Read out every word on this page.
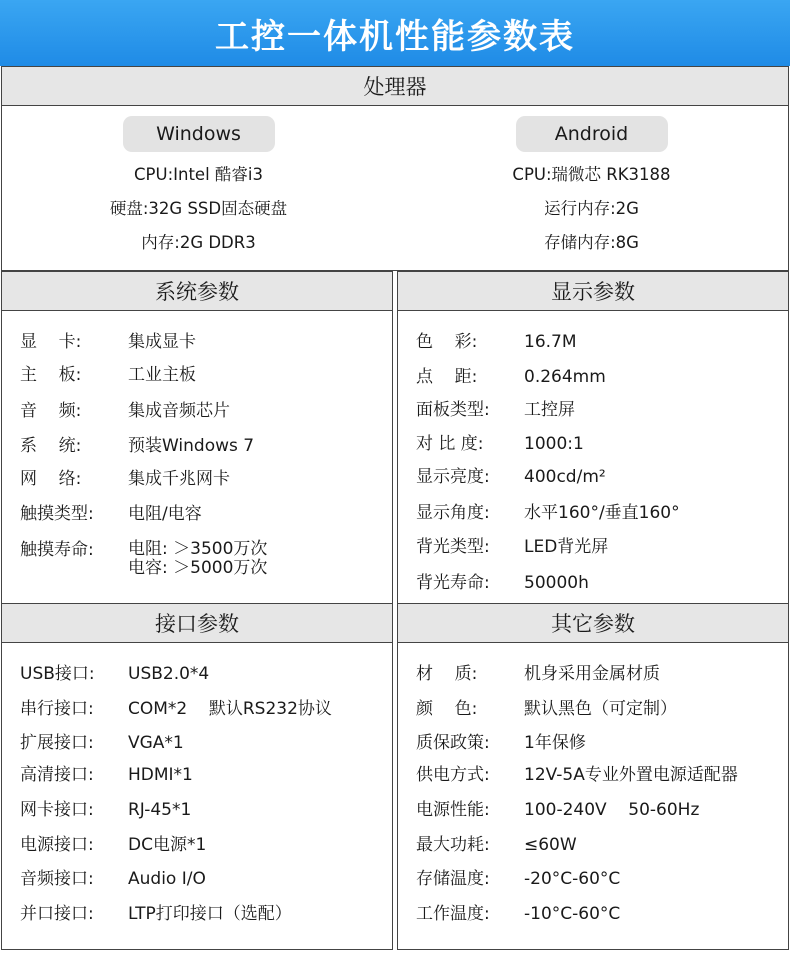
工控一体机性能参数表
处理器
Windows
CPU:Intel 酷睿i3
硬盘:32G SSD固态硬盘
内存:2G DDR3
Android
CPU:瑞微芯 RK3188
运行内存:2G
存储内存:8G
系统参数
显    卡:	集成显卡
主    板:	工业主板
音    频:	集成音频芯片
系    统:	预装Windows 7
网    络:	集成千兆网卡
触摸类型:	电阻/电容
触摸寿命:	电阻: ＞3500万次
电容: ＞5000万次
显示参数
色    彩:	16.7M
点    距:	0.264mm
面板类型:	工控屏
对 比 度:	1000:1
显示亮度:	400cd/m²
显示角度:	水平160°/垂直160°
背光类型:	LED背光屏
背光寿命:	50000h
接口参数
USB接口:	USB2.0*4
串行接口:	COM*2    默认RS232协议
扩展接口:	VGA*1
高清接口:	HDMI*1
网卡接口:	RJ-45*1
电源接口:	DC电源*1
音频接口:	Audio I/O
并口接口:	LTP打印接口（选配）
其它参数
材    质:	机身采用金属材质
颜    色:	默认黑色（可定制）
质保政策:	1年保修
供电方式:	12V-5A专业外置电源适配器
电源性能:	100-240V    50-60Hz
最大功耗:	≤60W
存储温度:	-20°C-60°C
工作温度:	-10°C-60°C
